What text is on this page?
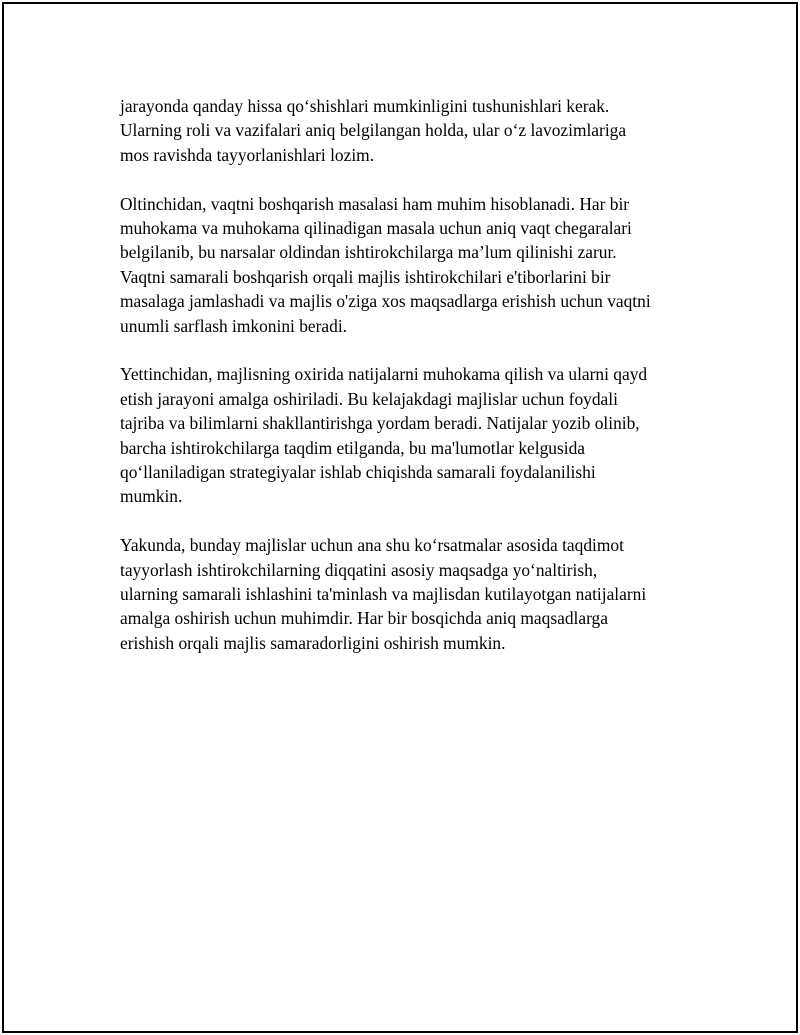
jarayonda qanday hissa qo‘shishlari mumkinligini tushunishlari kerak.
Ularning roli va vazifalari aniq belgilangan holda, ular o‘z lavozimlariga
mos ravishda tayyorlanishlari lozim.

Oltinchidan, vaqtni boshqarish masalasi ham muhim hisoblanadi. Har bir
muhokama va muhokama qilinadigan masala uchun aniq vaqt chegaralari
belgilanib, bu narsalar oldindan ishtirokchilarga ma’lum qilinishi zarur.
Vaqtni samarali boshqarish orqali majlis ishtirokchilari e'tiborlarini bir
masalaga jamlashadi va majlis o'ziga xos maqsadlarga erishish uchun vaqtni
unumli sarflash imkonini beradi.

Yettinchidan, majlisning oxirida natijalarni muhokama qilish va ularni qayd
etish jarayoni amalga oshiriladi. Bu kelajakdagi majlislar uchun foydali
tajriba va bilimlarni shakllantirishga yordam beradi. Natijalar yozib olinib,
barcha ishtirokchilarga taqdim etilganda, bu ma'lumotlar kelgusida
qo‘llaniladigan strategiyalar ishlab chiqishda samarali foydalanilishi
mumkin.

Yakunda, bunday majlislar uchun ana shu ko‘rsatmalar asosida taqdimot
tayyorlash ishtirokchilarning diqqatini asosiy maqsadga yo‘naltirish,
ularning samarali ishlashini ta'minlash va majlisdan kutilayotgan natijalarni
amalga oshirish uchun muhimdir. Har bir bosqichda aniq maqsadlarga
erishish orqali majlis samaradorligini oshirish mumkin.
